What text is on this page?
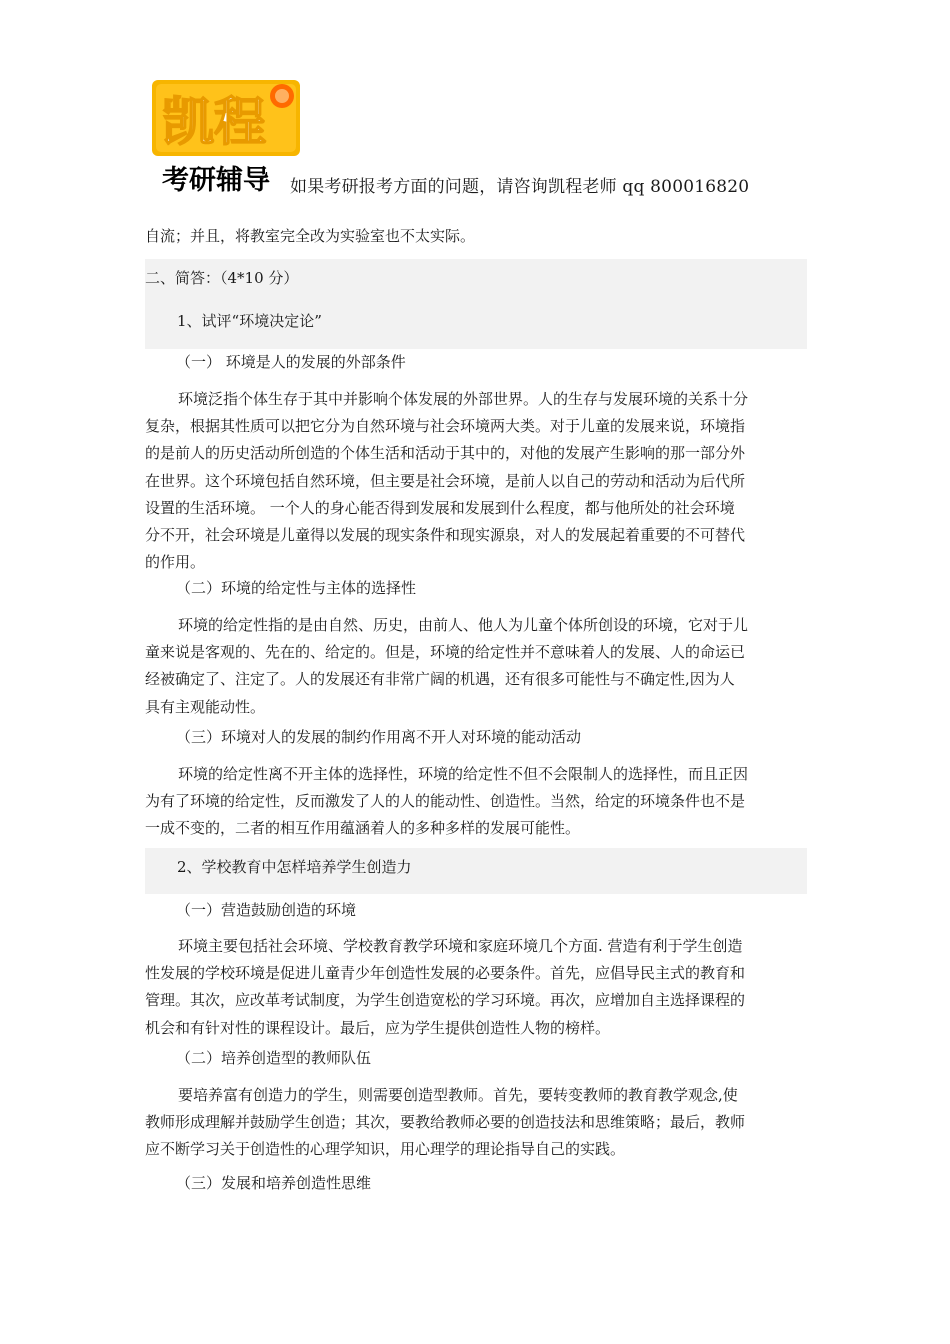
凯程
考研辅导 如果考研报考方面的问题，请咨询凯程老师 qq 800016820
自流；并且，将教室完全改为实验室也不太实际。
二、简答：（4*10 分）
1、试评“环境决定论”
（一） 环境是人的发展的外部条件
环境泛指个体生存于其中并影响个体发展的外部世界。人的生存与发展环境的关系十分
复杂，根据其性质可以把它分为自然环境与社会环境两大类。对于儿童的发展来说，环境指
的是前人的历史活动所创造的个体生活和活动于其中的，对他的发展产生影响的那一部分外
在世界。这个环境包括自然环境，但主要是社会环境，是前人以自己的劳动和活动为后代所
设置的生活环境。 一个人的身心能否得到发展和发展到什么程度，都与他所处的社会环境
分不开，社会环境是儿童得以发展的现实条件和现实源泉，对人的发展起着重要的不可替代
的作用。
（二）环境的给定性与主体的选择性
环境的给定性指的是由自然、历史，由前人、他人为儿童个体所创设的环境，它对于儿
童来说是客观的、先在的、给定的。但是，环境的给定性并不意味着人的发展、人的命运已
经被确定了、注定了。人的发展还有非常广阔的机遇，还有很多可能性与不确定性,因为人
具有主观能动性。
（三）环境对人的发展的制约作用离不开人对环境的能动活动
环境的给定性离不开主体的选择性，环境的给定性不但不会限制人的选择性，而且正因
为有了环境的给定性，反而激发了人的人的能动性、创造性。当然，给定的环境条件也不是
一成不变的，二者的相互作用蕴涵着人的多种多样的发展可能性。
2、学校教育中怎样培养学生创造力
（一）营造鼓励创造的环境
环境主要包括社会环境、学校教育教学环境和家庭环境几个方面. 营造有利于学生创造
性发展的学校环境是促进儿童青少年创造性发展的必要条件。首先，应倡导民主式的教育和
管理。其次，应改革考试制度，为学生创造宽松的学习环境。再次，应增加自主选择课程的
机会和有针对性的课程设计。最后，应为学生提供创造性人物的榜样。
（二）培养创造型的教师队伍
要培养富有创造力的学生，则需要创造型教师。首先，要转变教师的教育教学观念,使
教师形成理解并鼓励学生创造；其次，要教给教师必要的创造技法和思维策略；最后，教师
应不断学习关于创造性的心理学知识，用心理学的理论指导自己的实践。
（三）发展和培养创造性思维
